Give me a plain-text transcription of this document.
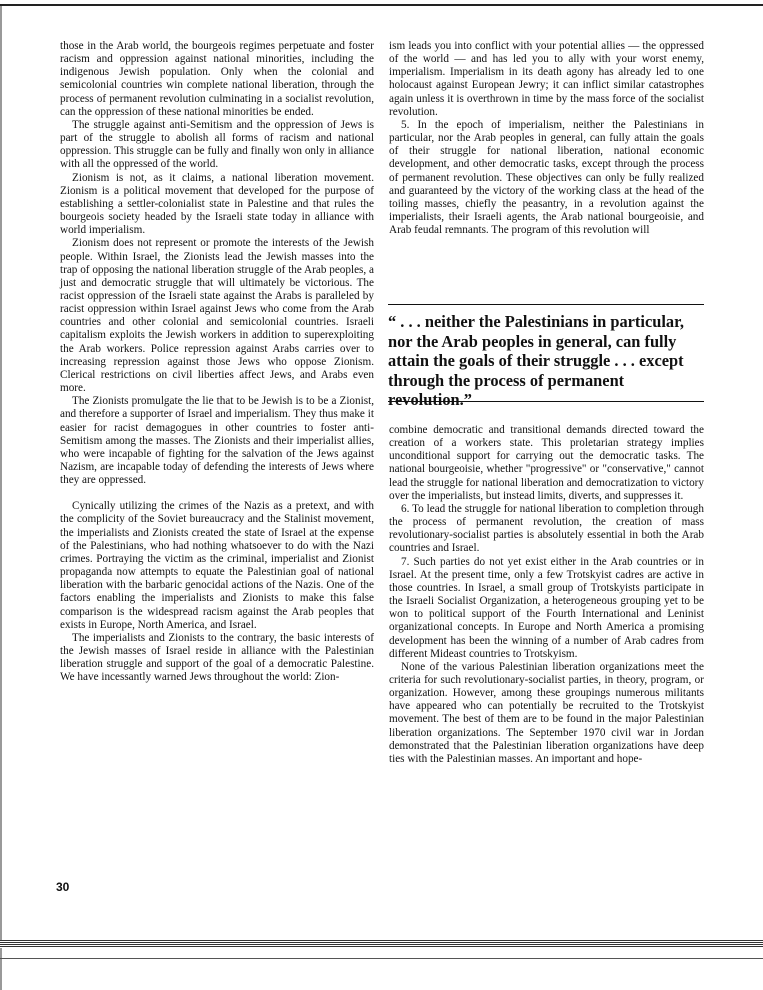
those in the Arab world, the bourgeois regimes perpetuate and foster racism and oppression against national minorities, including the indigenous Jewish population. Only when the colonial and semicolonial countries win complete national liberation, through the process of permanent revolution culminating in a socialist revolution, can the oppression of these national minorities be ended.

The struggle against anti-Semitism and the oppression of Jews is part of the struggle to abolish all forms of racism and national oppression. This struggle can be fully and finally won only in alliance with all the oppressed of the world.

Zionism is not, as it claims, a national liberation movement. Zionism is a political movement that developed for the purpose of establishing a settler-colonialist state in Palestine and that rules the bourgeois society headed by the Israeli state today in alliance with world imperialism.

Zionism does not represent or promote the interests of the Jewish people. Within Israel, the Zionists lead the Jewish masses into the trap of opposing the national liberation struggle of the Arab peoples, a just and democratic struggle that will ultimately be victorious. The racist oppression of the Israeli state against the Arabs is paralleled by racist oppression within Israel against Jews who come from the Arab countries and other colonial and semicolonial countries. Israeli capitalism exploits the Jewish workers in addition to superexploiting the Arab workers. Police repression against Arabs carries over to increasing repression against those Jews who oppose Zionism. Clerical restrictions on civil liberties affect Jews, and Arabs even more.

The Zionists promulgate the lie that to be Jewish is to be a Zionist, and therefore a supporter of Israel and imperialism. They thus make it easier for racist demagogues in other countries to foster anti-Semitism among the masses. The Zionists and their imperialist allies, who were incapable of fighting for the salvation of the Jews against Nazism, are incapable today of defending the interests of Jews where they are oppressed.

Cynically utilizing the crimes of the Nazis as a pretext, and with the complicity of the Soviet bureaucracy and the Stalinist movement, the imperialists and Zionists created the state of Israel at the expense of the Palestinians, who had nothing whatsoever to do with the Nazi crimes. Portraying the victim as the criminal, imperialist and Zionist propaganda now attempts to equate the Palestinian goal of national liberation with the barbaric genocidal actions of the Nazis. One of the factors enabling the imperialists and Zionists to make this false comparison is the widespread racism against the Arab peoples that exists in Europe, North America, and Israel.

The imperialists and Zionists to the contrary, the basic interests of the Jewish masses of Israel reside in alliance with the Palestinian liberation struggle and support of the goal of a democratic Palestine. We have incessantly warned Jews throughout the world: Zion-

ism leads you into conflict with your potential allies — the oppressed of the world — and has led you to ally with your worst enemy, imperialism. Imperialism in its death agony has already led to one holocaust against European Jewry; it can inflict similar catastrophes again unless it is overthrown in time by the mass force of the socialist revolution.

5. In the epoch of imperialism, neither the Palestinians in particular, nor the Arab peoples in general, can fully attain the goals of their struggle for national liberation, national economic development, and other democratic tasks, except through the process of permanent revolution. These objectives can only be fully realized and guaranteed by the victory of the working class at the head of the toiling masses, chiefly the peasantry, in a revolution against the imperialists, their Israeli agents, the Arab national bourgeoisie, and Arab feudal remnants. The program of this revolution will

“ . . . neither the Palestinians in particular, nor the Arab peoples in general, can fully attain the goals of their struggle . . . except through the process of permanent revolution.”

combine democratic and transitional demands directed toward the creation of a workers state. This proletarian strategy implies unconditional support for carrying out the democratic tasks. The national bourgeoisie, whether "progressive" or "conservative," cannot lead the struggle for national liberation and democratization to victory over the imperialists, but instead limits, diverts, and suppresses it.

6. To lead the struggle for national liberation to completion through the process of permanent revolution, the creation of mass revolutionary-socialist parties is absolutely essential in both the Arab countries and Israel.

7. Such parties do not yet exist either in the Arab countries or in Israel. At the present time, only a few Trotskyist cadres are active in those countries. In Israel, a small group of Trotskyists participate in the Israeli Socialist Organization, a heterogeneous grouping yet to be won to political support of the Fourth International and Leninist organizational concepts. In Europe and North America a promising development has been the winning of a number of Arab cadres from different Mideast countries to Trotskyism.

None of the various Palestinian liberation organizations meet the criteria for such revolutionary-socialist parties, in theory, program, or organization. However, among these groupings numerous militants have appeared who can potentially be recruited to the Trotskyist movement. The best of them are to be found in the major Palestinian liberation organizations. The September 1970 civil war in Jordan demonstrated that the Palestinian liberation organizations have deep ties with the Palestinian masses. An important and hope-

30
